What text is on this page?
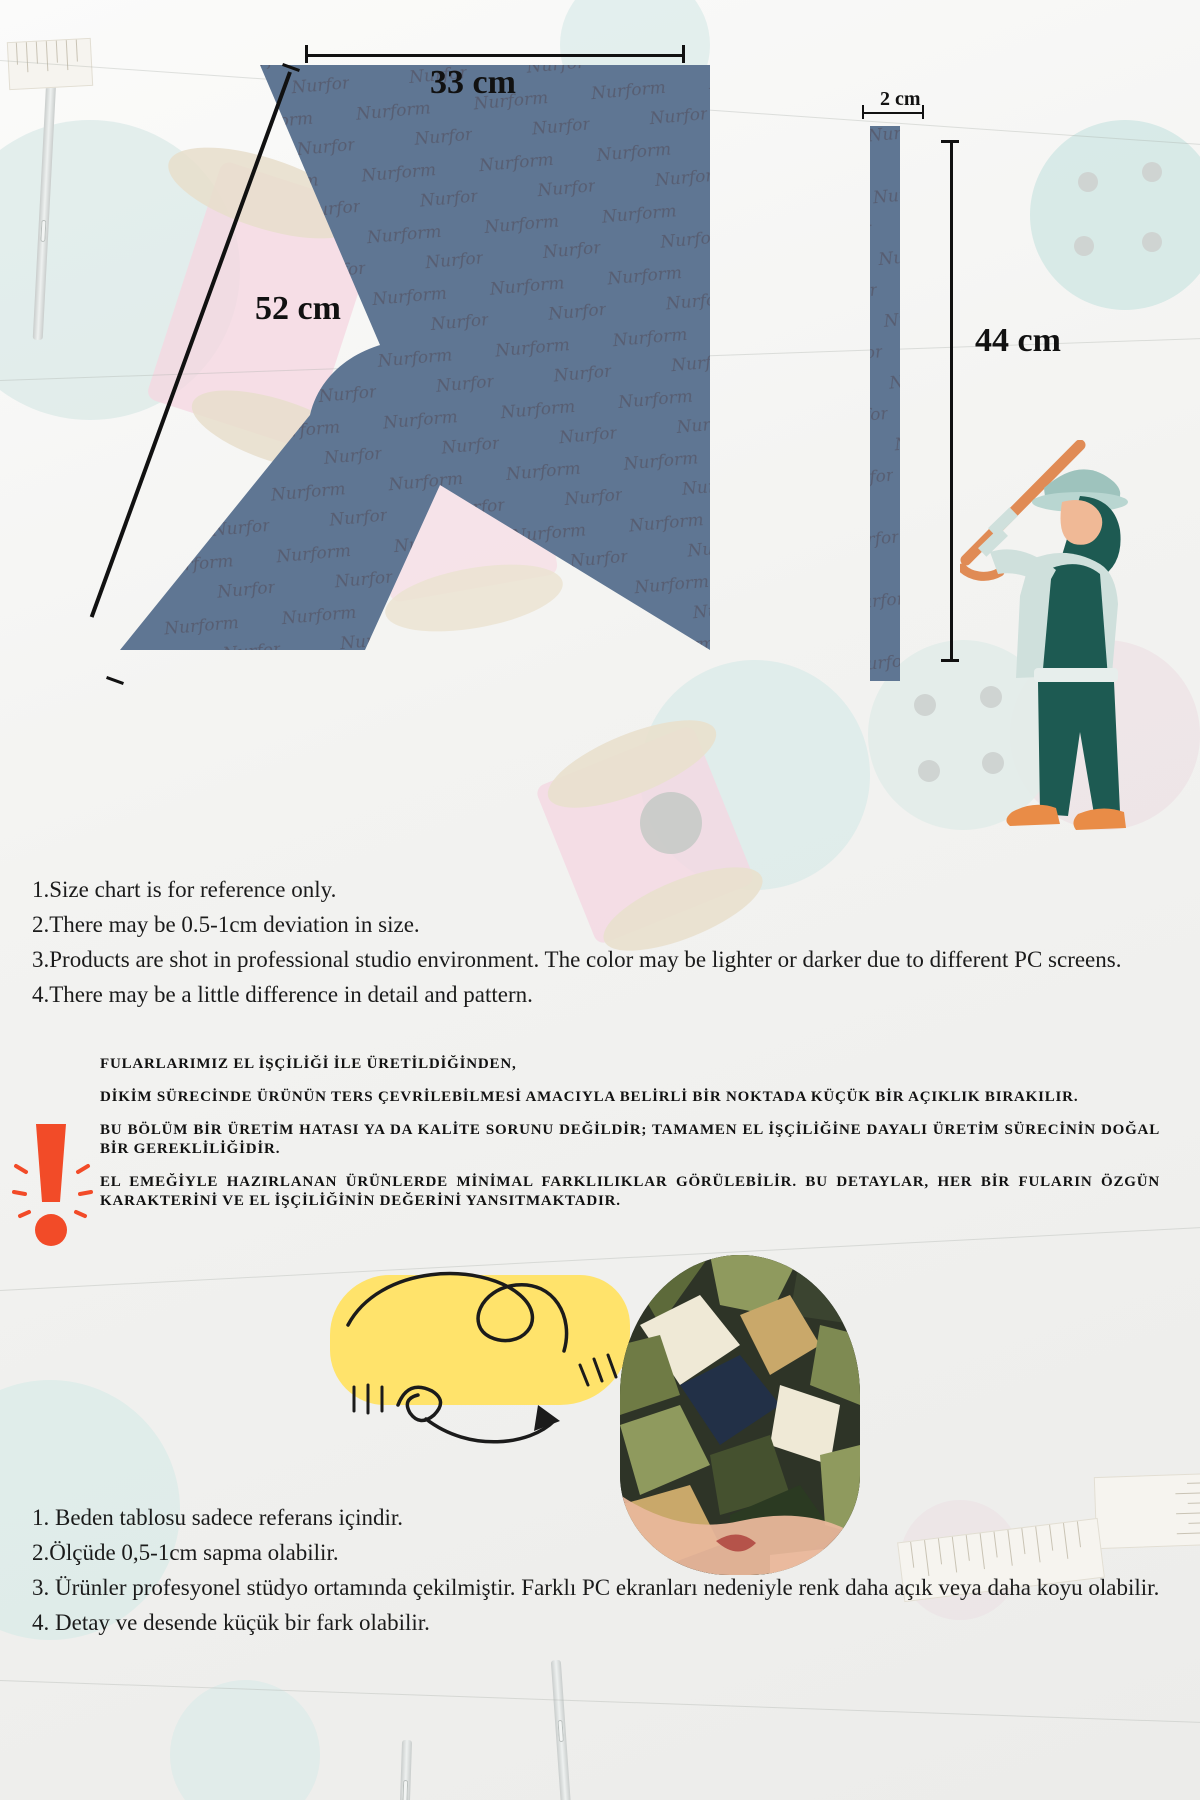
33 cm
52 cm
2 cm
44 cm
1.Size chart is for reference only.
2.There may be 0.5-1cm deviation in size.
3.Products are shot in professional studio environment. The color may be lighter or darker due to different PC screens.
4.There may be a little difference in detail and pattern.
FULARLARIMIZ EL İŞÇİLİĞİ İLE ÜRETİLDİĞİNDEN,
DİKİM SÜRECİNDE ÜRÜNÜN TERS ÇEVRİLEBİLMESİ AMACIYLA BELİRLİ BİR NOKTADA KÜÇÜK BİR AÇIKLIK BIRAKILIR.
BU BÖLÜM BİR ÜRETİM HATASI YA DA KALİTE SORUNU DEĞİLDİR; TAMAMEN EL İŞÇİLİĞİNE DAYALI ÜRETİM SÜRECİNİN DOĞAL BİR GEREKLİLİĞİDİR.
EL EMEĞİYLE HAZIRLANAN ÜRÜNLERDE MİNİMAL FARKLILIKLAR GÖRÜLEBİLİR. BU DETAYLAR, HER BİR FULARIN ÖZGÜN KARAKTERİNİ VE EL İŞÇİLİĞİNİN DEĞERİNİ YANSITMAKTADIR.
1. Beden tablosu sadece referans içindir.
2.Ölçüde 0,5-1cm sapma olabilir.
3. Ürünler profesyonel stüdyo ortamında çekilmiştir. Farklı PC ekranları nedeniyle renk daha açık veya daha koyu olabilir.
4. Detay ve desende küçük bir fark olabilir.
